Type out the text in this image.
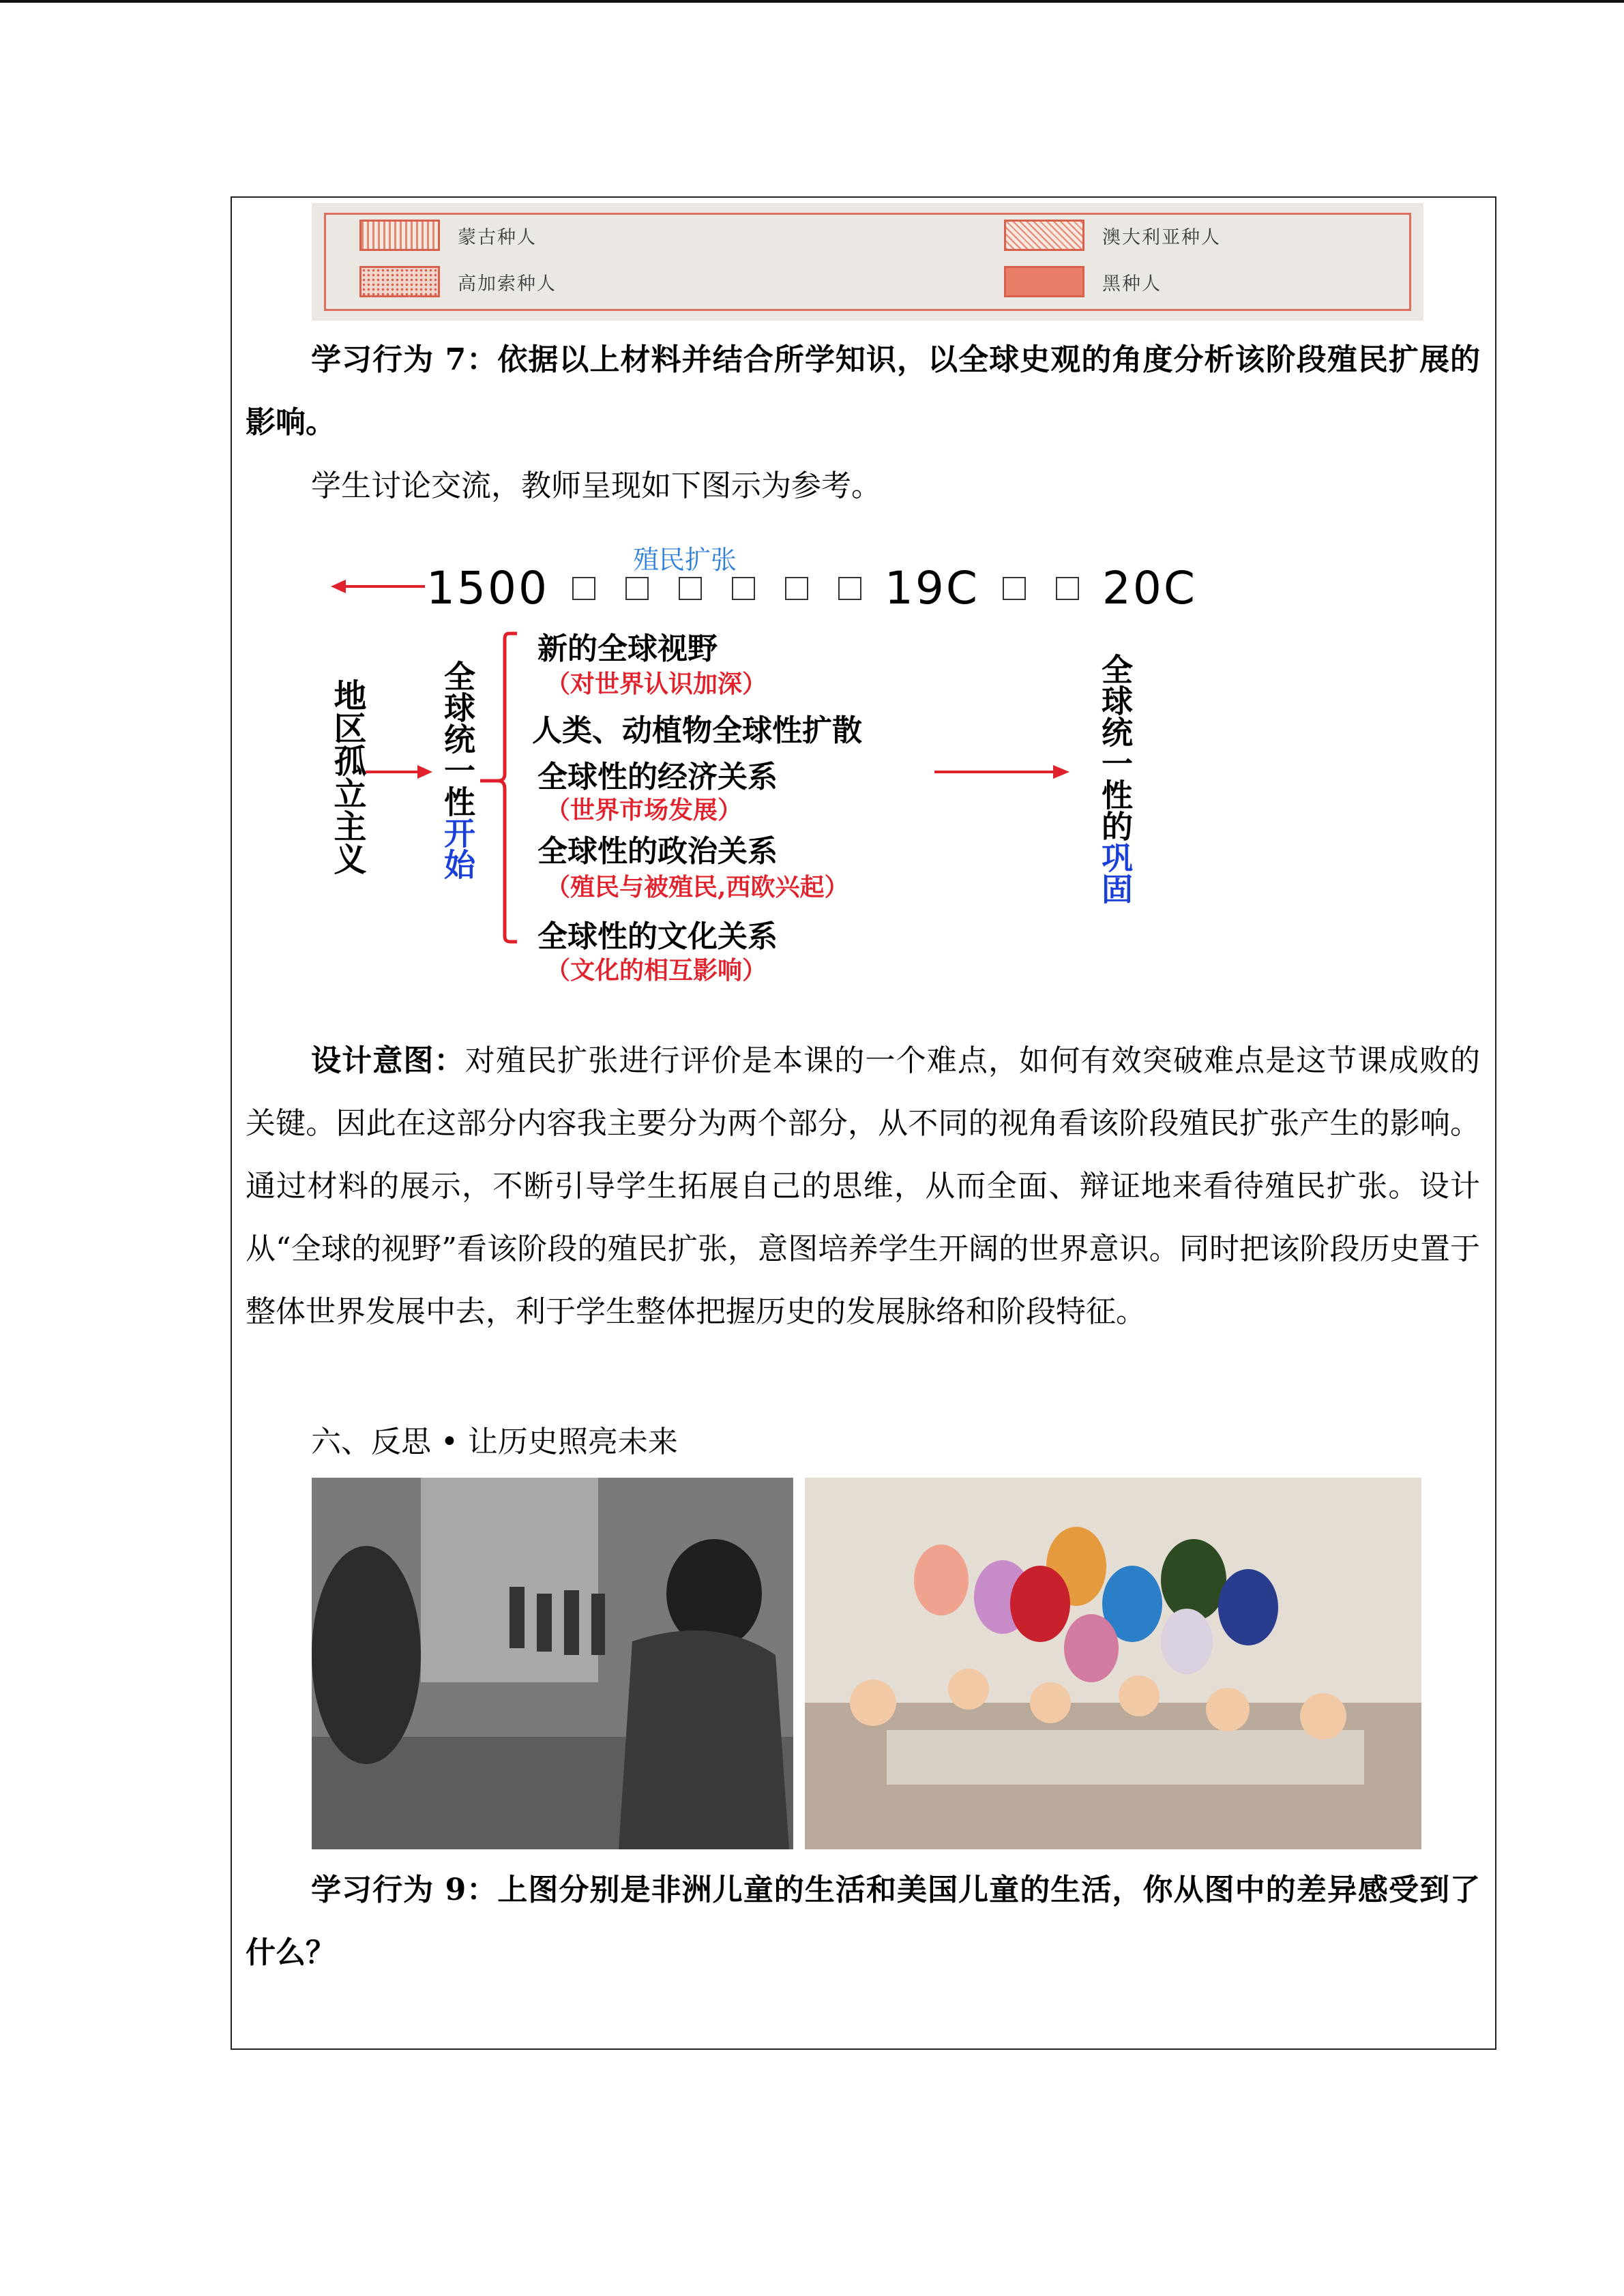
蒙古种人
高加索种人
澳大利亚种人
黑种人
学习行为 7：依据以上材料并结合所学知识，以全球史观的角度分析该阶段殖民扩展的影响。
学生讨论交流，教师呈现如下图示为参考。
殖民扩张
1500	19C	20C
地区孤立主义 全球统一性开始
新的全球视野
（对世界认识加深）
人类、动植物全球性扩散
全球性的经济关系
（世界市场发展）
全球性的政治关系
（殖民与被殖民,西欧兴起）
全球性的文化关系
（文化的相互影响）
全球统一性的巩固
设计意图：对殖民扩张进行评价是本课的一个难点，如何有效突破难点是这节课成败的关键。因此在这部分内容我主要分为两个部分，从不同的视角看该阶段殖民扩张产生的影响。通过材料的展示，不断引导学生拓展自己的思维，从而全面、辩证地来看待殖民扩张。设计从“全球的视野”看该阶段的殖民扩张，意图培养学生开阔的世界意识。同时把该阶段历史置于整体世界发展中去，利于学生整体把握历史的发展脉络和阶段特征。
六、反思 • 让历史照亮未来
学习行为 9：上图分别是非洲儿童的生活和美国儿童的生活，你从图中的差异感受到了什么？
